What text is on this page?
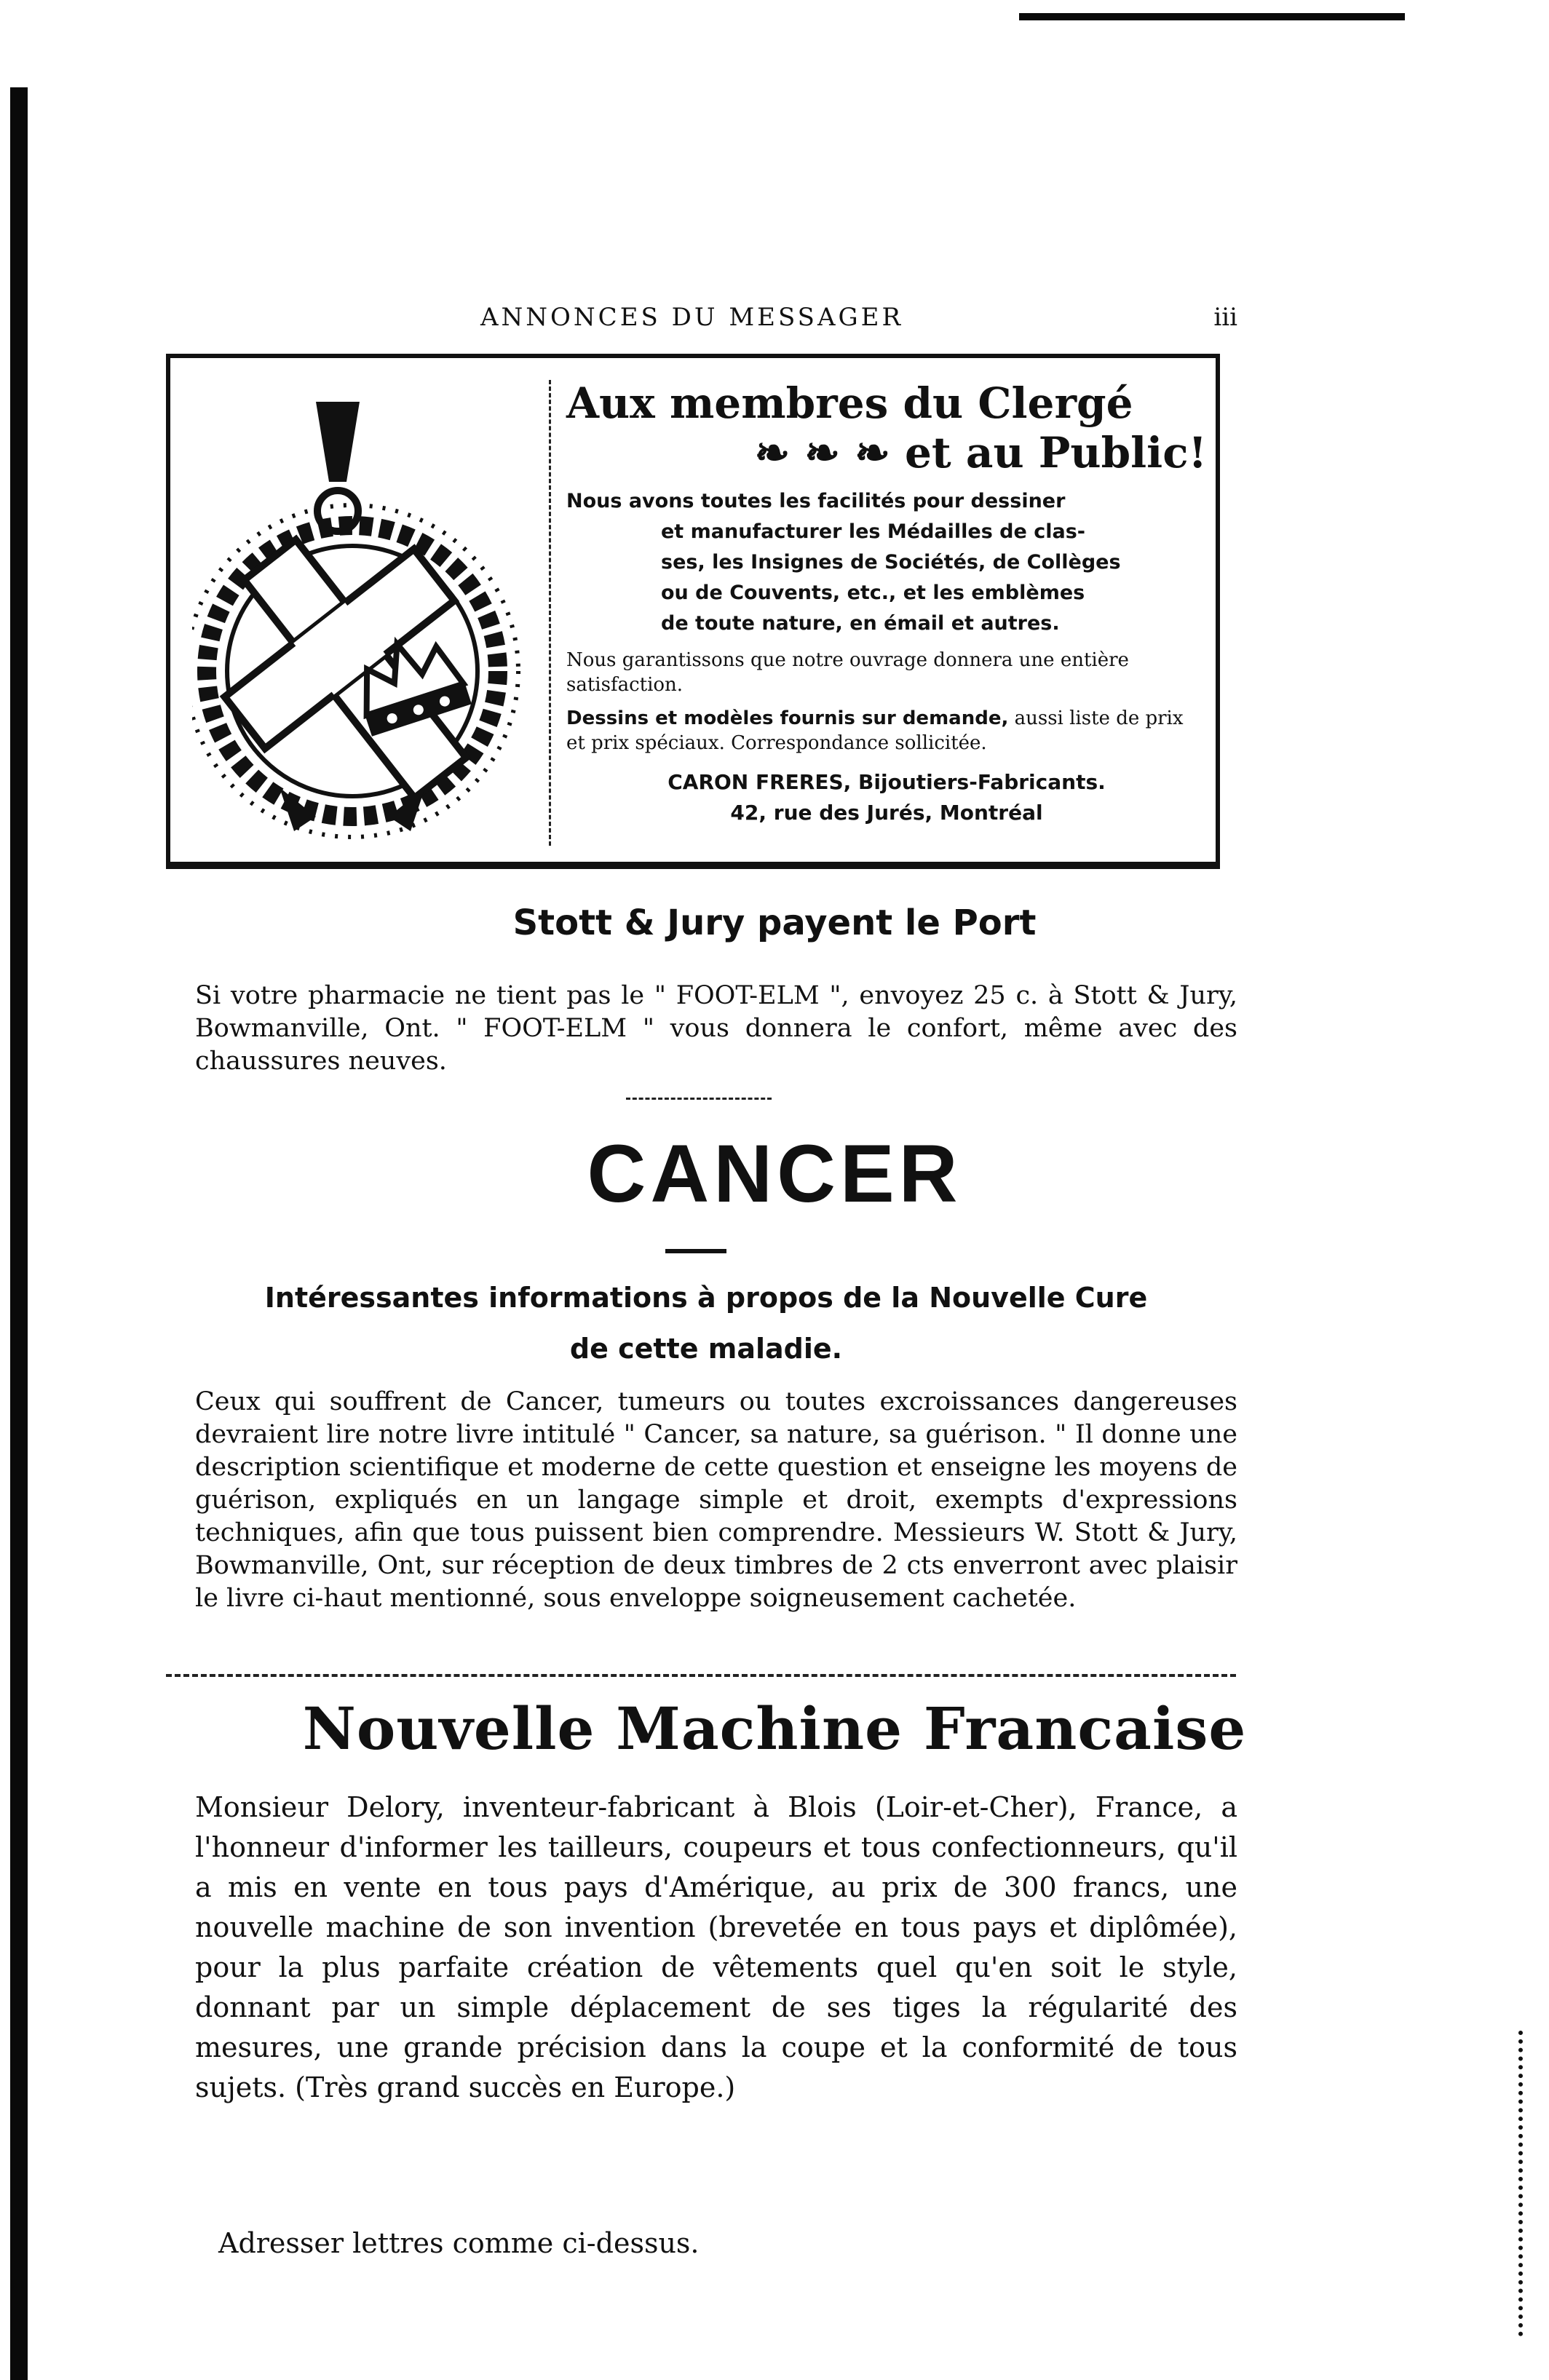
ANNONCES DU MESSAGER	iii
Aux membres du Clergé
❧ ❧ ❧ et au Public!

Nous avons toutes les facilités pour dessiner

et manufacturer les Médailles de clas-
ses, les Insignes de Sociétés, de Collèges
ou de Couvents, etc., et les emblèmes
de toute nature, en émail et autres.

Nous garantissons que notre ouvrage donnera une entière satisfaction.

Dessins et modèles fournis sur demande, aussi liste de prix et prix spéciaux. Correspondance sollicitée.

CARON FRERES, Bijoutiers-Fabricants.
42, rue des Jurés, Montréal

Stott & Jury payent le Port

Si votre pharmacie ne tient pas le " FOOT-ELM ", envoyez 25 c. à Stott & Jury, Bowmanville, Ont. " FOOT-ELM " vous donnera le confort, même avec des chaussures neuves.

CANCER
Intéressantes informations à propos de la Nouvelle Cure
de cette maladie.

Ceux qui souffrent de Cancer, tumeurs ou toutes excroissances dangereuses devraient lire notre livre intitulé " Cancer, sa nature, sa guérison. " Il donne une description scientifique et moderne de cette question et enseigne les moyens de guérison, expliqués en un langage simple et droit, exempts d'expressions techniques, afin que tous puissent bien comprendre. Messieurs W. Stott & Jury, Bowmanville, Ont, sur réception de deux timbres de 2 cts enverront avec plaisir le livre ci-haut mentionné, sous enveloppe soigneusement cachetée.

Nouvelle Machine Francaise

Monsieur Delory, inventeur-fabricant à Blois (Loir-et-Cher), France, a l'honneur d'informer les tailleurs, coupeurs et tous confectionneurs, qu'il a mis en vente en tous pays d'Amérique, au prix de 300 francs, une nouvelle machine de son invention (brevetée en tous pays et diplômée), pour la plus parfaite création de vêtements quel qu'en soit le style, donnant par un simple déplacement de ses tiges la régularité des mesures, une grande précision dans la coupe et la conformité de tous sujets. (Très grand succès en Europe.)

Adresser lettres comme ci-dessus.
